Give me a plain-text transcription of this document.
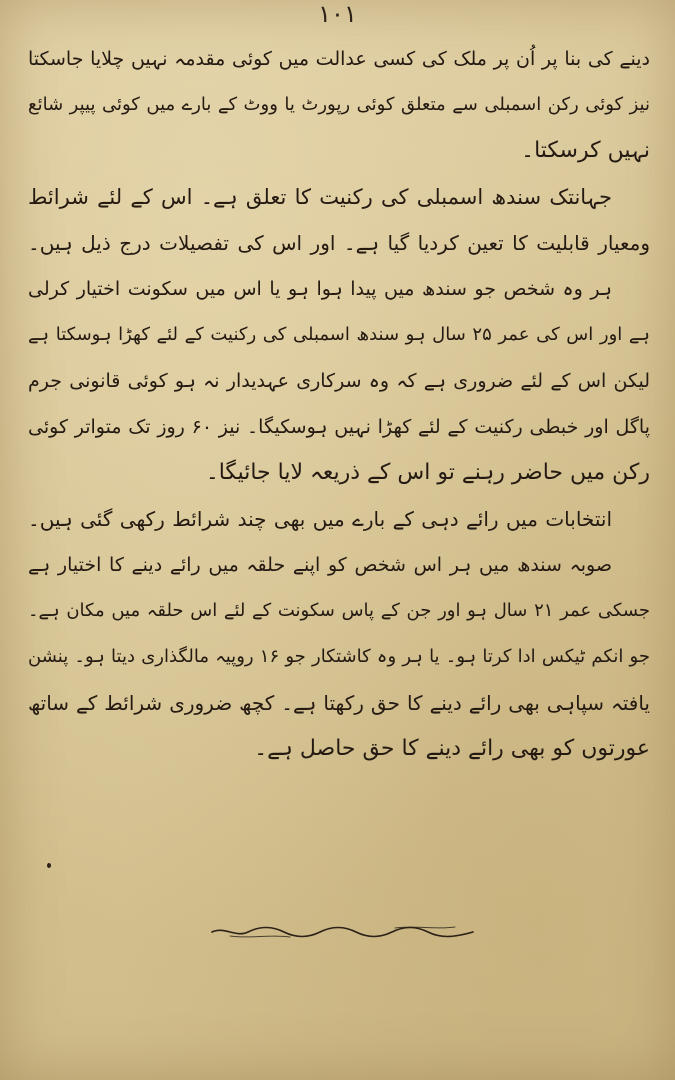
١٠١
دینے کی بنا پر اُن پر ملک کی کسی عدالت میں کوئی مقدمہ نہیں چلایا جاسکتا
نیز کوئی رکن اسمبلی سے متعلق کوئی رپورٹ یا ووٹ کے بارے میں کوئی پیپر شائع
نہیں کرسکتا۔
جہانتک سندھ اسمبلی کی رکنیت کا تعلق ہے۔ اس کے لئے شرائط
ومعیار قابلیت کا تعین کردیا گیا ہے۔ اور اس کی تفصیلات درج ذیل ہیں۔
ہر وہ شخص جو سندھ میں پیدا ہوا ہو یا اس میں سکونت اختیار کرلی
ہے اور اس کی عمر ۲۵ سال ہو سندھ اسمبلی کی رکنیت کے لئے کھڑا ہوسکتا ہے
لیکن اس کے لئے ضروری ہے کہ وہ سرکاری عہدیدار نہ ہو کوئی قانونی جرم
پاگل اور خبطی رکنیت کے لئے کھڑا نہیں ہوسکیگا۔ نیز ۶۰ روز تک متواتر کوئی
رکن میں حاضر رہنے تو اس کے ذریعہ لایا جائیگا۔
انتخابات میں رائے دہی کے بارے میں بھی چند شرائط رکھی گئی ہیں۔
صوبہ سندھ میں ہر اس شخص کو اپنے حلقہ میں رائے دینے کا اختیار ہے
جسکی عمر ۲۱ سال ہو اور جن کے پاس سکونت کے لئے اس حلقہ میں مکان ہے۔
جو انکم ٹیکس ادا کرتا ہو۔ یا ہر وہ کاشتکار جو ۱۶ روپیہ مالگذاری دیتا ہو۔ پنشن
یافتہ سپاہی بھی رائے دینے کا حق رکھتا ہے۔ کچھ ضروری شرائط کے ساتھ
عورتوں کو بھی رائے دینے کا حق حاصل ہے۔
